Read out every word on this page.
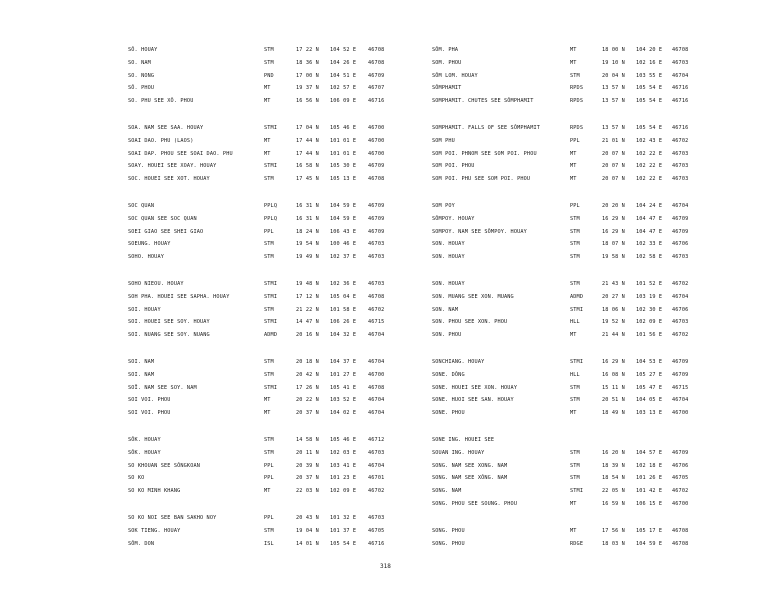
SÔ. HOUAY	STM	17 22 N	104 52 E	46708
SO. NAM	STM	18 36 N	104 26 E	46708
SO. NONG	PND	17 00 N	104 51 E	46709
SÔ. PHOU	MT	19 37 N	102 57 E	46707
SO. PHU SEE XÔ. PHOU	MT	16 56 N	106 09 E	46716
SOA. NAM SEE SAA. HOUAY	STMI	17 04 N	105 46 E	46700
SOAI DAO. PHU (LAOS)	MT	17 44 N	101 01 E	46700
SOAI DAP. PHOU SEE SOAI DAO. PHU	MT	17 44 N	101 01 E	46700
SOAY. HOUEI SEE XOAY. HOUAY	STMI	16 58 N	105 30 E	46709
SOC. HOUEI SEE XOT. HOUAY	STM	17 45 N	105 13 E	46708
SOC QUAN	PPLQ	16 31 N	104 59 E	46709
SOC QUAN SEE SOC QUAN	PPLQ	16 31 N	104 59 E	46709
SOEI GIAO SEE SHEI GIAO	PPL	18 24 N	106 43 E	46709
SOEUNG. HOUAY	STM	19 54 N	100 46 E	46703
SOHO. HOUAY	STM	19 49 N	102 37 E	46703
SOHO NIEOU. HOUAY	STMI	19 48 N	102 36 E	46703
SOH PHA. HOUEI SEE SAPHA. HOUAY	STMI	17 12 N	105 04 E	46708
SOI. HOUAY	STM	21 22 N	101 58 E	46702
SOI. HOUEI SEE SOY. HOUAY	STMI	14 47 N	106 26 E	46715
SOI. NUANG SEE SOY. NUANG	ADMD	20 16 N	104 32 E	46704
SOI. NAM	STM	20 18 N	104 37 E	46704
SOI. NAM	STM	20 42 N	101 27 E	46700
SOÏ. NAM SEE SOY. NAM	STMI	17 26 N	105 41 E	46708
SOI VOI. PHOU	MT	20 22 N	103 52 E	46704
SOI VOI. PHOU	MT	20 37 N	104 02 E	46704
SÔK. HOUAY	STM	14 58 N	105 46 E	46712
SÔK. HOUAY	STM	20 11 N	102 03 E	46703
SO KHOUAN SEE SÔNGKOAN	PPL	20 39 N	103 41 E	46704
SO KO	PPL	20 37 N	101 23 E	46701
SO KO MINH KHANG	MT	22 03 N	102 09 E	46702
SO KO NOI SEE BAN SAKHO NOY	PPL	20 43 N	101 32 E	46703
SOK TIENG. HOUAY	STM	19 04 N	101 37 E	46705
SÔM. DON	ISL	14 01 N	105 54 E	46716
SÔM. PHA	MT	18 00 N	104 20 E	46708
SOM. PHOU	MT	19 10 N	102 16 E	46703
SÔM LOM. HOUAY	STM	20 04 N	103 55 E	46704
SÔMPHAMIT	RPDS	13 57 N	105 54 E	46716
SOMPHAMIT. CHUTES SEE SÔMPHAMIT	RPDS	13 57 N	105 54 E	46716
SOMPHAMIT. FALLS OF SEE SÔMPHAMIT	RPDS	13 57 N	105 54 E	46716
SOM PHU	PPL	21 01 N	102 43 E	46702
SOM POI. PHNOM SEE SOM POI. PHOU	MT	20 07 N	102 22 E	46703
SOM POI. PHOU	MT	20 07 N	102 22 E	46703
SOM POI. PHU SEE SOM POI. PHOU	MT	20 07 N	102 22 E	46703
SOM POY	PPL	20 20 N	104 24 E	46704
SÔMPOY. HOUAY	STM	16 29 N	104 47 E	46709
SOMPOY. NAM SEE SÔMPOY. HOUAY	STM	16 29 N	104 47 E	46709
SON. HOUAY	STM	18 07 N	102 33 E	46706
SON. HOUAY	STM	19 58 N	102 58 E	46703
SON. HOUAY	STM	21 43 N	101 52 E	46702
SON. MUANG SEE XON. MUANG	ADMD	20 27 N	103 19 E	46704
SON. NAM	STMI	18 06 N	102 30 E	46706
SON. PHOU SEE XON. PHOU	HLL	19 52 N	102 09 E	46703
SON. PHOU	MT	21 44 N	101 56 E	46702
SONCHIANG. HOUAY	STMI	16 29 N	104 53 E	46709
SONE. DÔNG	HLL	16 08 N	105 27 E	46709
SONE. HOUEI SEE XON. HOUAY	STM	15 11 N	105 47 E	46715
SONE. HUOI SEE SAN. HOUAY	STM	20 51 N	104 05 E	46704
SONE. PHOU	MT	18 49 N	103 13 E	46700
SONE ING. HOUEI SEE
SOUAN ING. HOUAY	STM	16 20 N	104 57 E	46709
SONG. NAM SEE XONG. NAM	STM	18 39 N	102 18 E	46706
SONG. NAM SEE XÔNG. NAM	STM	18 54 N	101 26 E	46705
SONG. NAM	STMI	22 05 N	101 42 E	46702
SONG. PHOU SEE SOUNG. PHOU	MT	16 59 N	106 15 E	46700
SONG. PHOU	MT	17 56 N	105 17 E	46708
SONG. PHOU	RDGE	18 03 N	104 59 E	46708
318
